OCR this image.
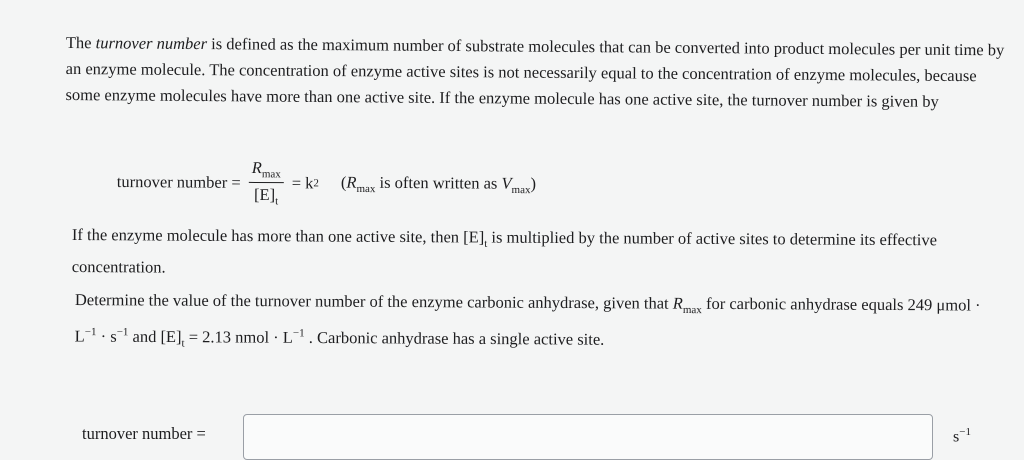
The turnover number is defined as the maximum number of substrate molecules that can be converted into product molecules per unit time by an enzyme molecule. The concentration of enzyme active sites is not necessarily equal to the concentration of enzyme molecules, because some enzyme molecules have more than one active site. If the enzyme molecule has one active site, the turnover number is given by
turnover number = $\frac{R_{max}}{[E]_t} = k$ 2 ($R_{max}$ is often written as $V_{max}$)
If the enzyme molecule has more than one active site, then $[E]_t$ is multiplied by the number of active sites to determine its effective concentration.
Determine the value of the turnover number of the enzyme carbonic anhydrase, given that $R_{max}$ for carbonic anhydrase equals 249 $\mu mol \cdot L^{-1} \cdot s^{-1}$ and $[E]_t = 2.13$ nmol · $L^{-1}$ . Carbonic anhydrase has a single active site.
turnover number =	$s^{-1}$
